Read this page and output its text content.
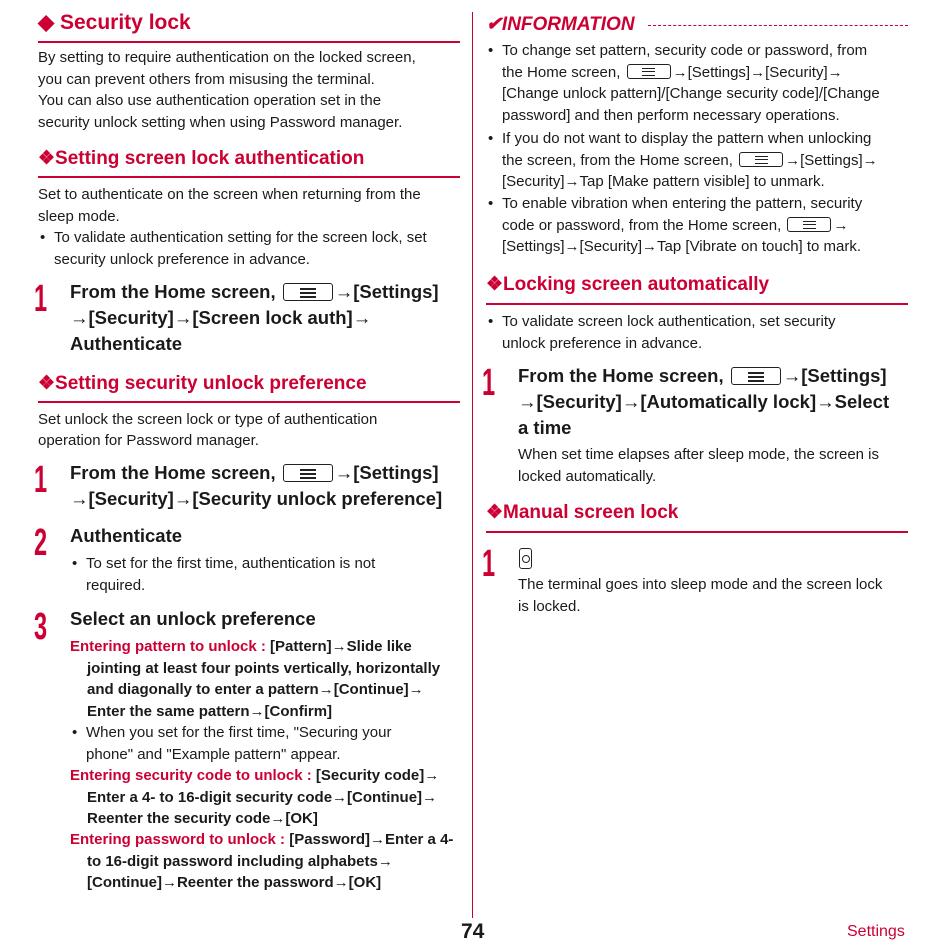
◆ Security lock
By setting to require authentication on the locked screen,
you can prevent others from misusing the terminal.
You can also use authentication operation set in the
security unlock setting when using Password manager.
❖Setting screen lock authentication
Set to authenticate on the screen when returning from the
sleep mode.
• To validate authentication setting for the screen lock, set
security unlock preference in advance.
1 From the Home screen,	→[Settings]
→[Security]→[Screen lock auth]→
Authenticate
❖Setting security unlock preference
Set unlock the screen lock or type of authentication
operation for Password manager.
1 From the Home screen,	→[Settings]
→[Security]→[Security unlock preference]
2 Authenticate
• To set for the first time, authentication is not
required.
3 Select an unlock preference
Entering pattern to unlock : [Pattern]→Slide like
jointing at least four points vertically, horizontally
and diagonally to enter a pattern→[Continue]→
Enter the same pattern→[Confirm]
• When you set for the first time, "Securing your
phone" and "Example pattern" appear.
Entering security code to unlock : [Security code]→
Enter a 4- to 16-digit security code→[Continue]→
Reenter the security code→[OK]
Entering password to unlock : [Password]→Enter a 4-
to 16-digit password including alphabets→
[Continue]→Reenter the password→[OK]
✔INFORMATION
• To change set pattern, security code or password, from
the Home screen,	→[Settings]→[Security]→
[Change unlock pattern]/[Change security code]/[Change
password] and then perform necessary operations.
• If you do not want to display the pattern when unlocking
the screen, from the Home screen,	→[Settings]→
[Security]→Tap [Make pattern visible] to unmark.
• To enable vibration when entering the pattern, security
code or password, from the Home screen,	→
[Settings]→[Security]→Tap [Vibrate on touch] to mark.
❖Locking screen automatically
• To validate screen lock authentication, set security
unlock preference in advance.
1 From the Home screen,	→[Settings]
→[Security]→[Automatically lock]→Select
a time
When set time elapses after sleep mode, the screen is
locked automatically.
❖Manual screen lock
1 The terminal goes into sleep mode and the screen lock
is locked.
74	Settings
